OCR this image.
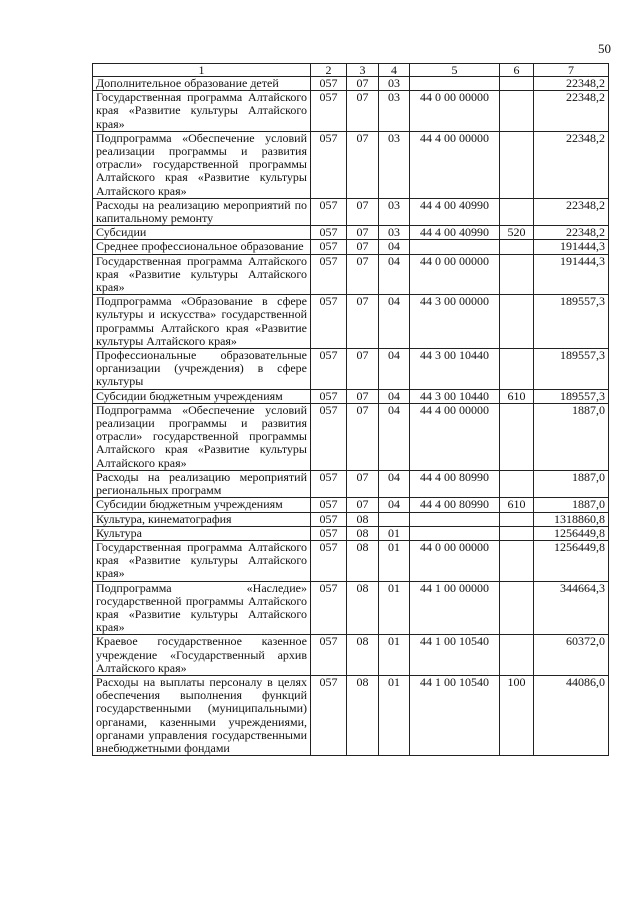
50
1	2	3	4	5	6	7
Дополнительное образование детей	057	07	03			22348,2
Государственная программа Алтайского края «Развитие культуры Алтайского края»	057	07	03	44 0 00 00000		22348,2
Подпрограмма «Обеспечение условий реализации программы и развития отрасли» государственной программы Алтайского края «Развитие культуры Алтайского края»	057	07	03	44 4 00 00000		22348,2
Расходы на реализацию мероприятий по капитальному ремонту	057	07	03	44 4 00 40990		22348,2
Субсидии	057	07	03	44 4 00 40990	520	22348,2
Среднее профессиональное образование	057	07	04			191444,3
Государственная программа Алтайского края «Развитие культуры Алтайского края»	057	07	04	44 0 00 00000		191444,3
Подпрограмма «Образование в сфере культуры и искусства» государственной программы Алтайского края «Развитие культуры Алтайского края»	057	07	04	44 3 00 00000		189557,3
Профессиональные образовательные организации (учреждения) в сфере культуры	057	07	04	44 3 00 10440		189557,3
Субсидии бюджетным учреждениям	057	07	04	44 3 00 10440	610	189557,3
Подпрограмма «Обеспечение условий реализации программы и развития отрасли» государственной программы Алтайского края «Развитие культуры Алтайского края»	057	07	04	44 4 00 00000		1887,0
Расходы на реализацию мероприятий региональных программ	057	07	04	44 4 00 80990		1887,0
Субсидии бюджетным учреждениям	057	07	04	44 4 00 80990	610	1887,0
Культура, кинематография	057	08				1318860,8
Культура	057	08	01			1256449,8
Государственная программа Алтайского края «Развитие культуры Алтайского края»	057	08	01	44 0 00 00000		1256449,8
Подпрограмма «Наследие» государственной программы Алтайского края «Развитие культуры Алтайского края»	057	08	01	44 1 00 00000		344664,3
Краевое государственное казенное учреждение «Государственный архив Алтайского края»	057	08	01	44 1 00 10540		60372,0
Расходы на выплаты персоналу в целях обеспечения выполнения функций государственными (муниципальными) органами, казенными учреждениями, органами управления государственными внебюджетными фондами	057	08	01	44 1 00 10540	100	44086,0
